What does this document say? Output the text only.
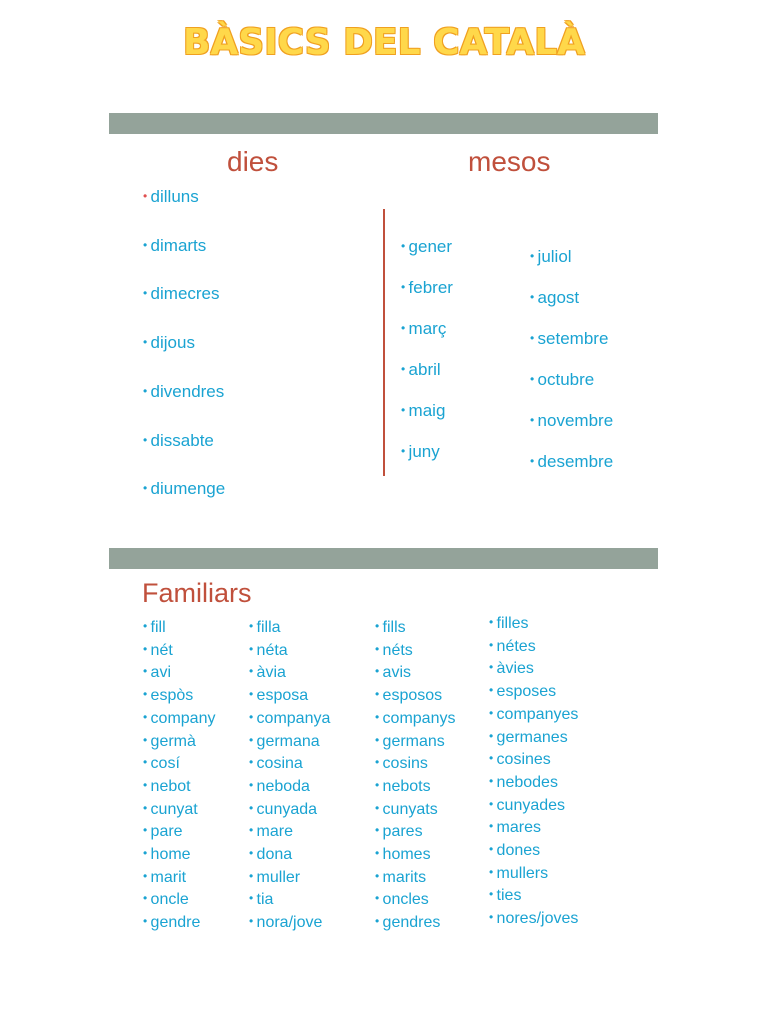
BÀSICS DEL CATALÀ
dies	mesos
• dilluns
• dimarts
• dimecres
• dijous
• divendres
• dissabte
• diumenge
• gener
• febrer
• març
• abril
• maig
• juny
• juliol
• agost
• setembre
• octubre
• novembre
• desembre
Familiars
• fill
• nét
• avi
• espòs
• company
• germà
• cosí
• nebot
• cunyat
• pare
• home
• marit
• oncle
• gendre
• filla
• néta
• àvia
• esposa
• companya
• germana
• cosina
• neboda
• cunyada
• mare
• dona
• muller
• tia
• nora/jove
• fills
• néts
• avis
• esposos
• companys
• germans
• cosins
• nebots
• cunyats
• pares
• homes
• marits
• oncles
• gendres
• filles
• nétes
• àvies
• esposes
• companyes
• germanes
• cosines
• nebodes
• cunyades
• mares
• dones
• mullers
• ties
• nores/joves
